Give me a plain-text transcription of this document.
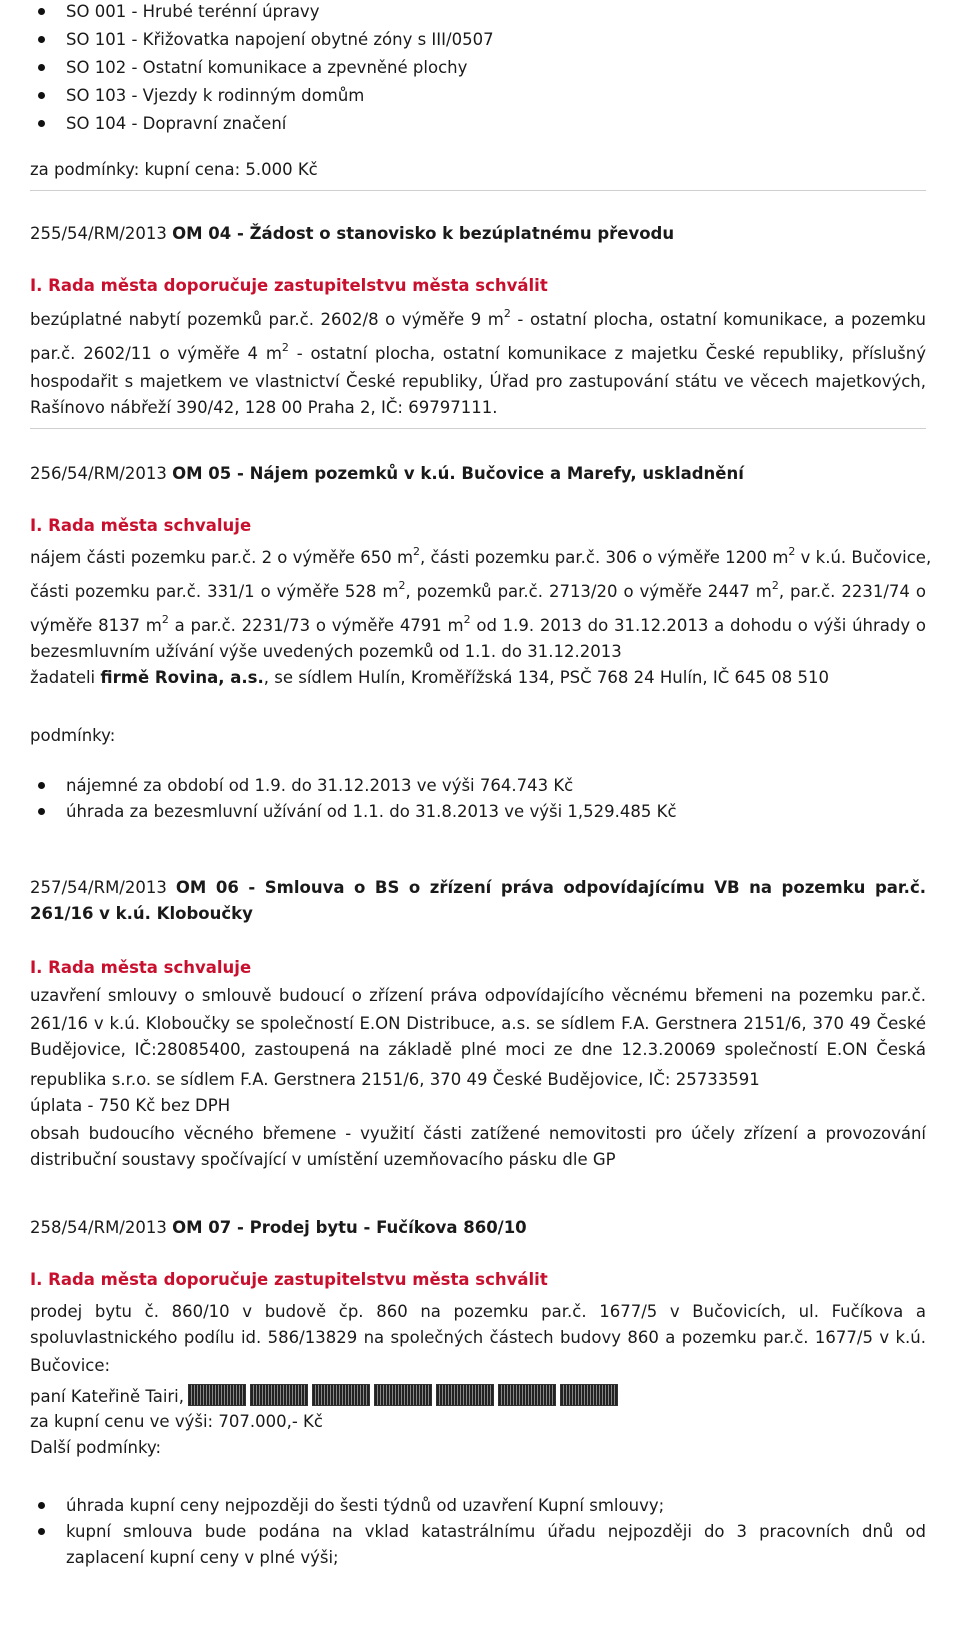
SO 001 - Hrubé terénní úpravy
SO 101 - Křižovatka napojení obytné zóny s III/0507
SO 102 - Ostatní komunikace a zpevněné plochy
SO 103 - Vjezdy k rodinným domům
SO 104 - Dopravní značení
za podmínky: kupní cena: 5.000 Kč
255/54/RM/2013 OM 04 - Žádost o stanovisko k bezúplatnému převodu
I. Rada města doporučuje zastupitelstvu města schválit
bezúplatné nabytí pozemků par.č. 2602/8 o výměře 9 $m^2$ - ostatní plocha, ostatní komunikace, a pozemku
par.č. 2602/11 o výměře 4 $m^2$ - ostatní plocha, ostatní komunikace z majetku České republiky, příslušný
hospodařit s majetkem ve vlastnictví České republiky, Úřad pro zastupování státu ve věcech majetkových,
Rašínovo nábřeží 390/42, 128 00 Praha 2, IČ: 69797111.
256/54/RM/2013 OM 05 - Nájem pozemků v k.ú. Bučovice a Marefy, uskladnění
I. Rada města schvaluje
nájem části pozemku par.č. 2 o výměře 650 $m^2$, části pozemku par.č. 306 o výměře 1200 $m^2$ v k.ú. Bučovice,
části pozemku par.č. 331/1 o výměře 528 $m^2$, pozemků par.č. 2713/20 o výměře 2447 $m^2$, par.č. 2231/74 o
výměře 8137 $m^2$ a par.č. 2231/73 o výměře 4791 $m^2$ od 1.9. 2013 do 31.12.2013 a dohodu o výši úhrady o
bezesmluvním užívání výše uvedených pozemků od 1.1. do 31.12.2013
žadateli firmě Rovina, a.s., se sídlem Hulín, Kroměřížská 134, PSČ 768 24 Hulín, IČ 645 08 510
podmínky:
nájemné za období od 1.9. do 31.12.2013 ve výši 764.743 Kč
úhrada za bezesmluvní užívání od 1.1. do 31.8.2013 ve výši 1,529.485 Kč
257/54/RM/2013 OM 06 - Smlouva o BS o zřízení práva odpovídajícímu VB na pozemku par.č.
261/16 v k.ú. Kloboučky
I. Rada města schvaluje
uzavření smlouvy o smlouvě budoucí o zřízení práva odpovídajícího věcnému břemeni na pozemku par.č.
261/16 v k.ú. Kloboučky se společností E.ON Distribuce, a.s. se sídlem F.A. Gerstnera 2151/6, 370 49 České
Budějovice, IČ:28085400, zastoupená na základě plné moci ze dne 12.3.20069 společností E.ON Česká
republika s.r.o. se sídlem F.A. Gerstnera 2151/6, 370 49 České Budějovice, IČ: 25733591
úplata - 750 Kč bez DPH
obsah budoucího věcného břemene - využití části zatížené nemovitosti pro účely zřízení a provozování
distribuční soustavy spočívající v umístění uzemňovacího pásku dle GP
258/54/RM/2013 OM 07 - Prodej bytu - Fučíkova 860/10
I. Rada města doporučuje zastupitelstvu města schválit
prodej bytu č. 860/10 v budově čp. 860 na pozemku par.č. 1677/5 v Bučovicích, ul. Fučíkova a
spoluvlastnického podílu id. 586/13829 na společných částech budovy 860 a pozemku par.č. 1677/5 v k.ú.
Bučovice:
paní Kateřině Tairi,
za kupní cenu ve výši: 707.000,- Kč
Další podmínky:
úhrada kupní ceny nejpozději do šesti týdnů od uzavření Kupní smlouvy;
kupní smlouva bude podána na vklad katastrálnímu úřadu nejpozději do 3 pracovních dnů od
zaplacení kupní ceny v plné výši;
